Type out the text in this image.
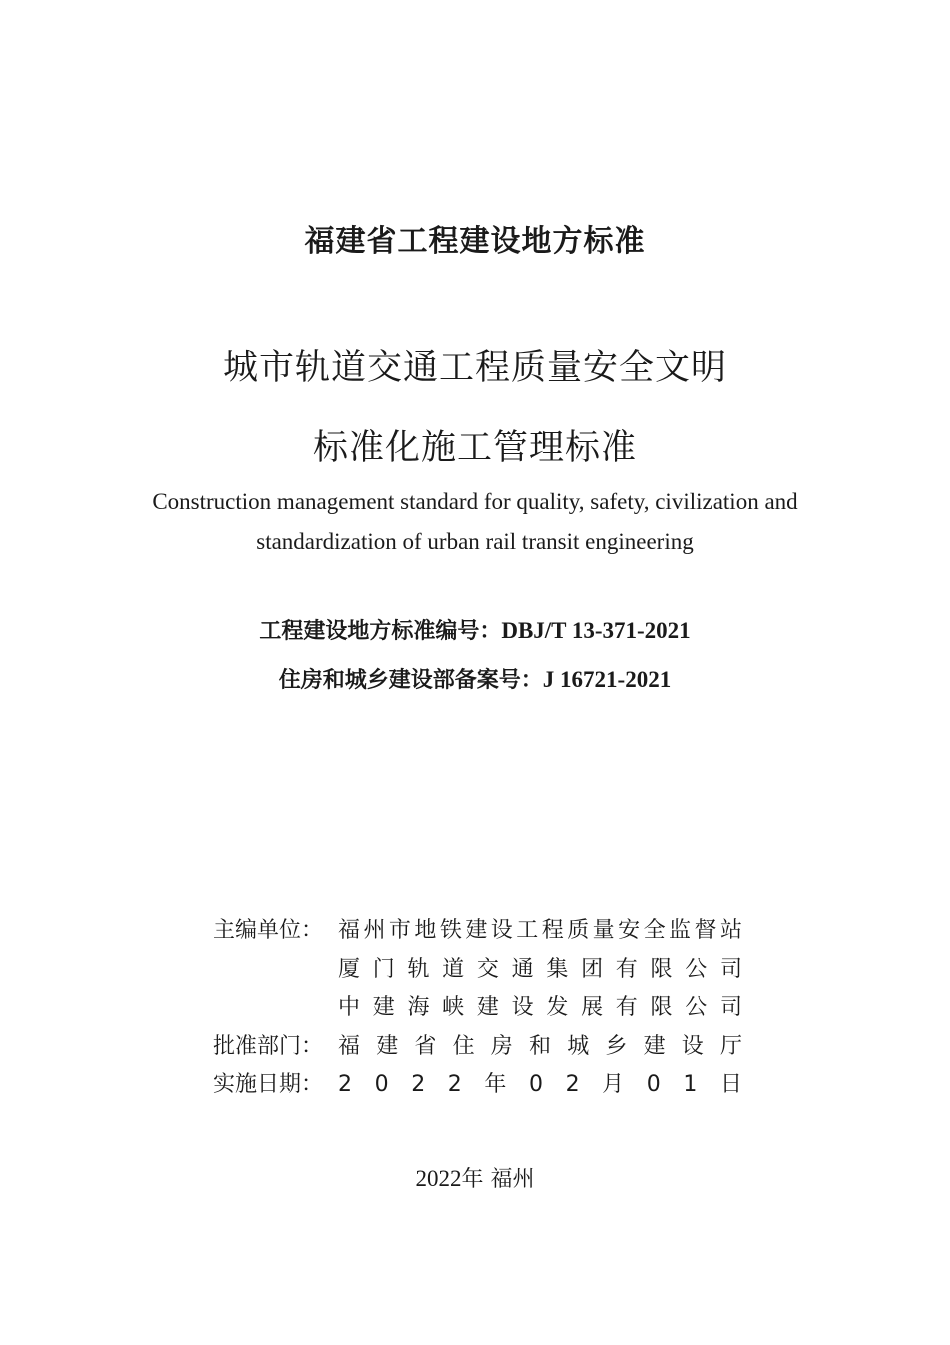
福建省工程建设地方标准
城市轨道交通工程质量安全文明
标准化施工管理标准
Construction management standard for quality, safety, civilization and
standardization of urban rail transit engineering
工程建设地方标准编号：DBJ/T 13-371-2021
住房和城乡建设部备案号：J 16721-2021
主编单位： 福州市地铁建设工程质量安全监督站
厦门轨道交通集团有限公司
中建海峡建设发展有限公司
批准部门： 福建省住房和城乡建设厅
实施日期： 2 0 2 2 年 0 2 月 0 1 日
2022年 福州
